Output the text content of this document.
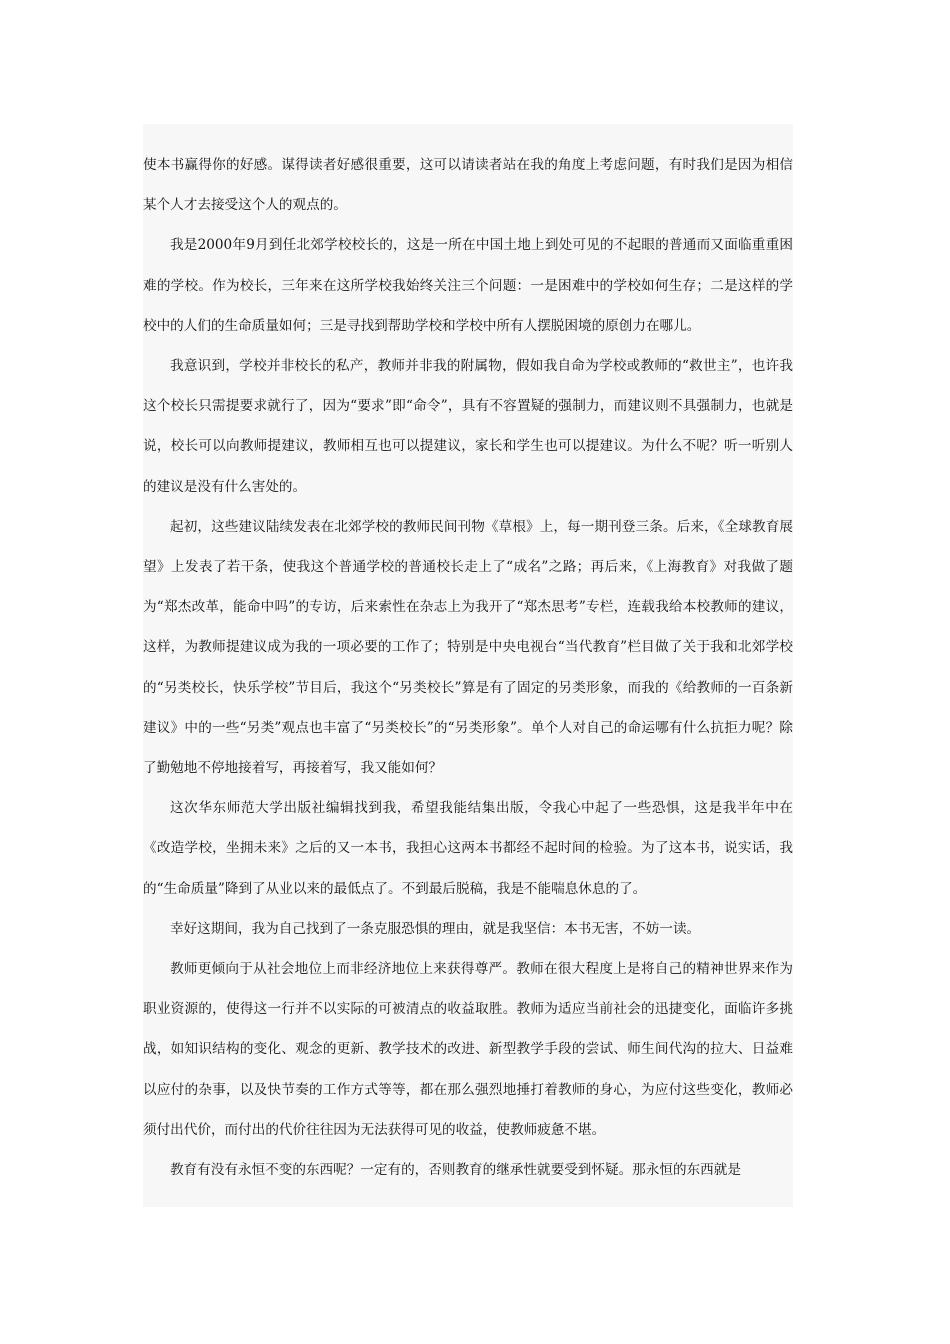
使本书赢得你的好感。谋得读者好感很重要，这可以请读者站在我的角度上考虑问题，有时我们是因为相信某个人才去接受这个人的观点的。

我是2000年9月到任北郊学校校长的，这是一所在中国土地上到处可见的不起眼的普通而又面临重重困难的学校。作为校长，三年来在这所学校我始终关注三个问题：一是困难中的学校如何生存；二是这样的学校中的人们的生命质量如何；三是寻找到帮助学校和学校中所有人摆脱困境的原创力在哪儿。

我意识到，学校并非校长的私产，教师并非我的附属物，假如我自命为学校或教师的“救世主”，也许我这个校长只需提要求就行了，因为“要求”即“命令”，具有不容置疑的强制力，而建议则不具强制力，也就是说，校长可以向教师提建议，教师相互也可以提建议，家长和学生也可以提建议。为什么不呢？听一听别人的建议是没有什么害处的。

起初，这些建议陆续发表在北郊学校的教师民间刊物《草根》上，每一期刊登三条。后来，《全球教育展望》上发表了若干条，使我这个普通学校的普通校长走上了“成名”之路；再后来，《上海教育》对我做了题为“郑杰改革，能命中吗”的专访，后来索性在杂志上为我开了“郑杰思考”专栏，连载我给本校教师的建议，这样，为教师提建议成为我的一项必要的工作了；特别是中央电视台“当代教育”栏目做了关于我和北郊学校的“另类校长，快乐学校”节目后，我这个“另类校长”算是有了固定的另类形象，而我的《给教师的一百条新建议》中的一些“另类”观点也丰富了“另类校长”的“另类形象”。单个人对自己的命运哪有什么抗拒力呢？除了勤勉地不停地接着写，再接着写，我又能如何？

这次华东师范大学出版社编辑找到我，希望我能结集出版，令我心中起了一些恐惧，这是我半年中在《改造学校，坐拥未来》之后的又一本书，我担心这两本书都经不起时间的检验。为了这本书，说实话，我的“生命质量”降到了从业以来的最低点了。不到最后脱稿，我是不能喘息休息的了。

幸好这期间，我为自己找到了一条克服恐惧的理由，就是我坚信：本书无害，不妨一读。

教师更倾向于从社会地位上而非经济地位上来获得尊严。教师在很大程度上是将自己的精神世界来作为职业资源的，使得这一行并不以实际的可被清点的收益取胜。教师为适应当前社会的迅捷变化，面临许多挑战，如知识结构的变化、观念的更新、教学技术的改进、新型教学手段的尝试、师生间代沟的拉大、日益难以应付的杂事，以及快节奏的工作方式等等，都在那么强烈地捶打着教师的身心，为应付这些变化，教师必须付出代价，而付出的代价往往因为无法获得可见的收益，使教师疲惫不堪。

教育有没有永恒不变的东西呢？一定有的，否则教育的继承性就要受到怀疑。那永恒的东西就是
